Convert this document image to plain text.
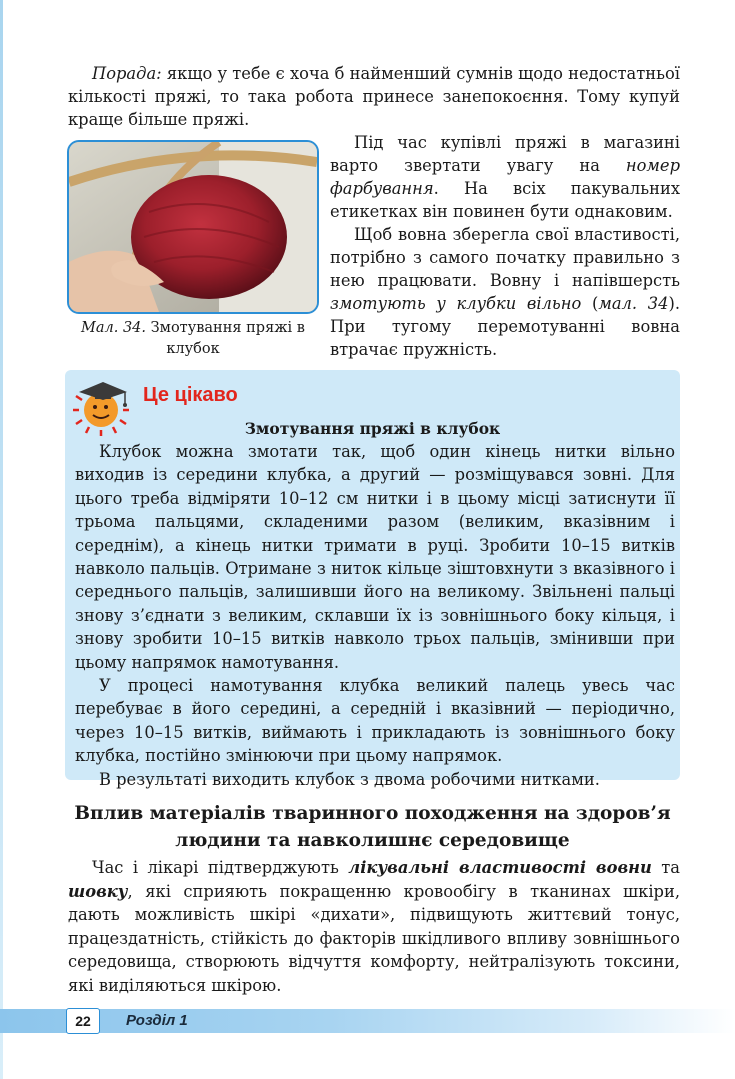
Порада: якщо у тебе є хоча б найменший сумнів щодо недостатньої кількості пряжі, то така робота принесе занепокоєння. Тому купуй краще більше пряжі.

Мал. 34. Змотування пряжі в клубок

Під час купівлі пряжі в магазині варто звертати увагу на номер фарбування. На всіх пакувальних етикетках він повинен бути однаковим.

Щоб вовна зберегла свої властивості, потрібно з самого початку правильно з нею працювати. Вовну і напівшерсть змотують у клубки вільно (мал. 34). При тугому перемотуванні вовна втрачає пружність.

Це цікаво
Змотування пряжі в клубок

Клубок можна змотати так, щоб один кінець нитки вільно виходив із середини клубка, а другий — розміщувався зовні. Для цього треба відміряти 10–12 см нитки і в цьому місці затиснути її трьома пальцями, складеними разом (великим, вказівним і середнім), а кінець нитки тримати в руці. Зробити 10–15 витків навколо пальців. Отримане з ниток кільце зіштовхнути з вказівного і середнього пальців, залишивши його на великому. Звільнені пальці знову з’єднати з великим, склавши їх із зовнішнього боку кільця, і знову зробити 10–15 витків навколо трьох пальців, змінивши при цьому напрямок намотування.

У процесі намотування клубка великий палець увесь час перебуває в його середині, а середній і вказівний — періодично, через 10–15 витків, виймають і прикладають із зовнішнього боку клубка, постійно змінюючи при цьому напрямок.

В результаті виходить клубок з двома робочими нитками.

Вплив матеріалів тваринного походження на здоров’я людини та навколишнє середовище

Час і лікарі підтверджують лікувальні властивості вовни та шовку, які сприяють покращенню кровообігу в тканинах шкіри, дають можливість шкірі «дихати», підвищують життєвий тонус, працездатність, стійкість до факторів шкідливого впливу зовнішнього середовища, створюють відчуття комфорту, нейтралізують токсини, які виділяються шкірою.

22	Розділ 1
